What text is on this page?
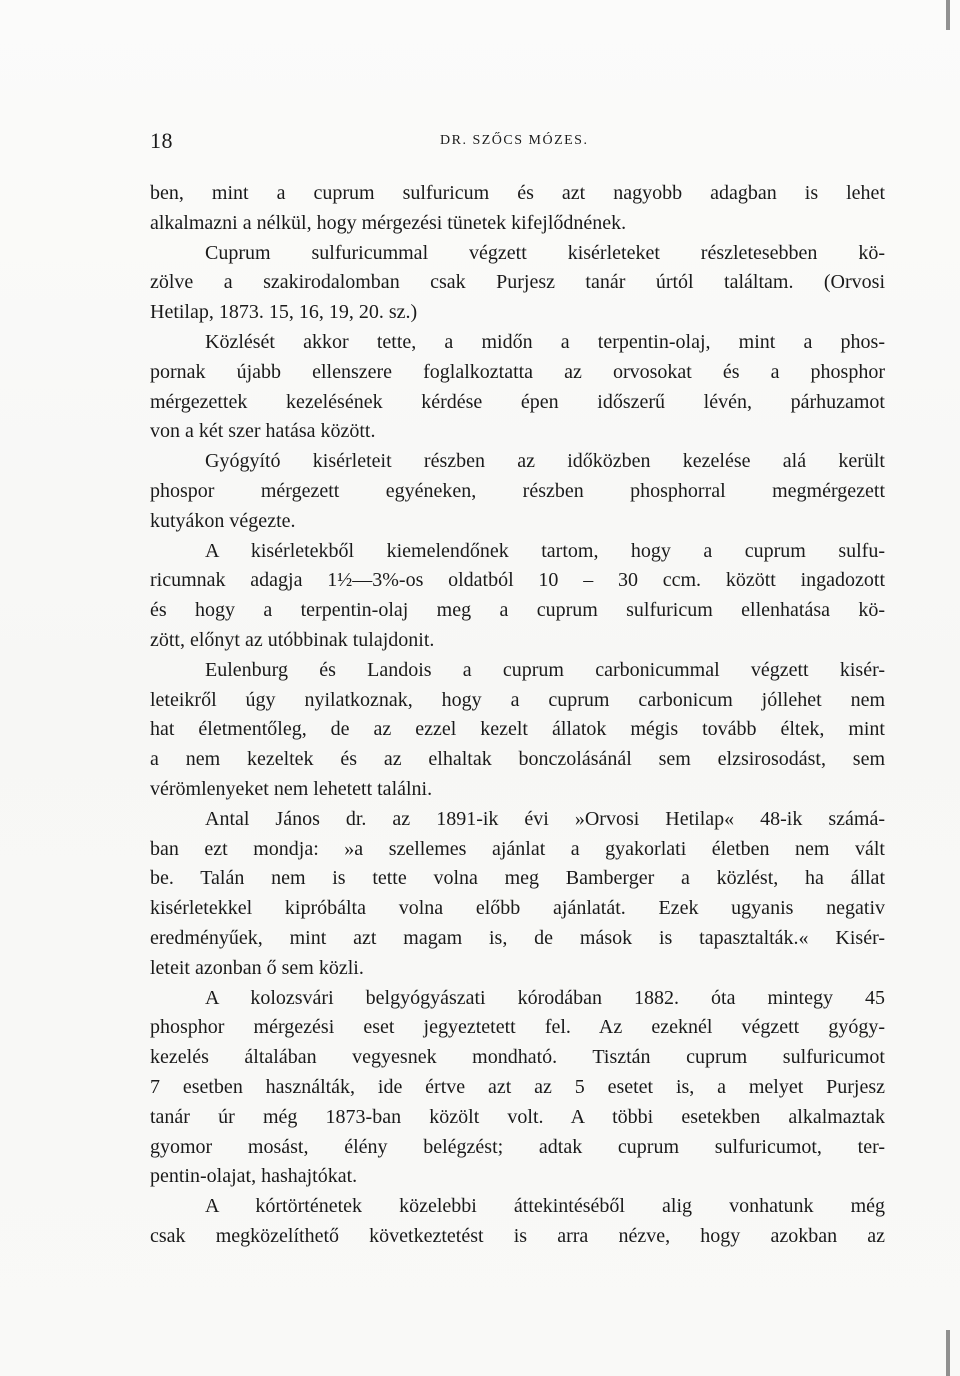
18	DR. SZŐCS MÓZES.
ben, mint a cuprum sulfuricum és azt nagyobb adagban is lehet
alkalmazni a nélkül, hogy mérgezési tünetek kifejlődnének.
Cuprum sulfuricummal végzett kisérleteket részletesebben kö-
zölve a szakirodalomban csak Purjesz tanár úrtól találtam. (Orvosi
Hetilap, 1873. 15, 16, 19, 20. sz.)
Közlését akkor tette, a midőn a terpentin-olaj, mint a phos-
pornak újabb ellenszere foglalkoztatta az orvosokat és a phosphor
mérgezettek kezelésének kérdése épen időszerű lévén, párhuzamot
von a két szer hatása között.
Gyógyító kisérleteit részben az időközben kezelése alá került
phospor mérgezett egyéneken, részben phosphorral megmérgezett
kutyákon végezte.
A kisérletekből kiemelendőnek tartom, hogy a cuprum sulfu-
ricumnak adagja 1½—3%-os oldatból 10 – 30 ccm. között ingadozott
és hogy a terpentin-olaj meg a cuprum sulfuricum ellenhatása kö-
zött, előnyt az utóbbinak tulajdonit.
Eulenburg és Landois a cuprum carbonicummal végzett kisér-
leteikről úgy nyilatkoznak, hogy a cuprum carbonicum jóllehet nem
hat életmentőleg, de az ezzel kezelt állatok mégis tovább éltek, mint
a nem kezeltek és az elhaltak bonczolásánál sem elzsirosodást, sem
vérömlenyeket nem lehetett találni.
Antal János dr. az 1891-ik évi »Orvosi Hetilap« 48-ik számá-
ban ezt mondja: »a szellemes ajánlat a gyakorlati életben nem vált
be. Talán nem is tette volna meg Bamberger a közlést, ha állat
kisérletekkel kipróbálta volna előbb ajánlatát. Ezek ugyanis negativ
eredményűek, mint azt magam is, de mások is tapasztalták.« Kisér-
leteit azonban ő sem közli.
A kolozsvári belgyógyászati kórodában 1882. óta mintegy 45
phosphor mérgezési eset jegyeztetett fel. Az ezeknél végzett gyógy-
kezelés általában vegyesnek mondható. Tisztán cuprum sulfuricumot
7 esetben használták, ide értve azt az 5 esetet is, a melyet Purjesz
tanár úr még 1873-ban közölt volt. A többi esetekben alkalmaztak
gyomor mosást, élény belégzést; adtak cuprum sulfuricumot, ter-
pentin-olajat, hashajtókat.
A kórtörténetek közelebbi áttekintéséből alig vonhatunk még
csak megközelíthető következtetést is arra nézve, hogy azokban az
